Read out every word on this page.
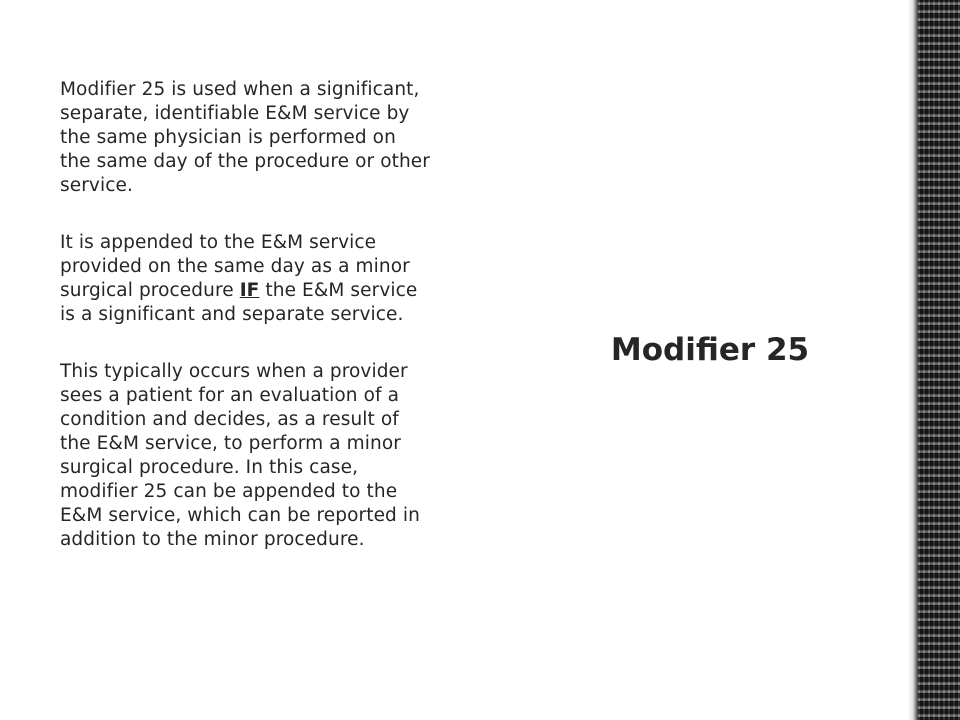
Modifier 25 is used when a significant, separate, identifiable E&M service by the same physician is performed on the same day of the procedure or other service.

It is appended to the E&M service provided on the same day as a minor surgical procedure IF the E&M service is a significant and separate service.

This typically occurs when a provider sees a patient for an evaluation of a condition and decides, as a result of the E&M service, to perform a minor surgical procedure. In this case, modifier 25 can be appended to the E&M service, which can be reported in addition to the minor procedure.

Modifier 25
